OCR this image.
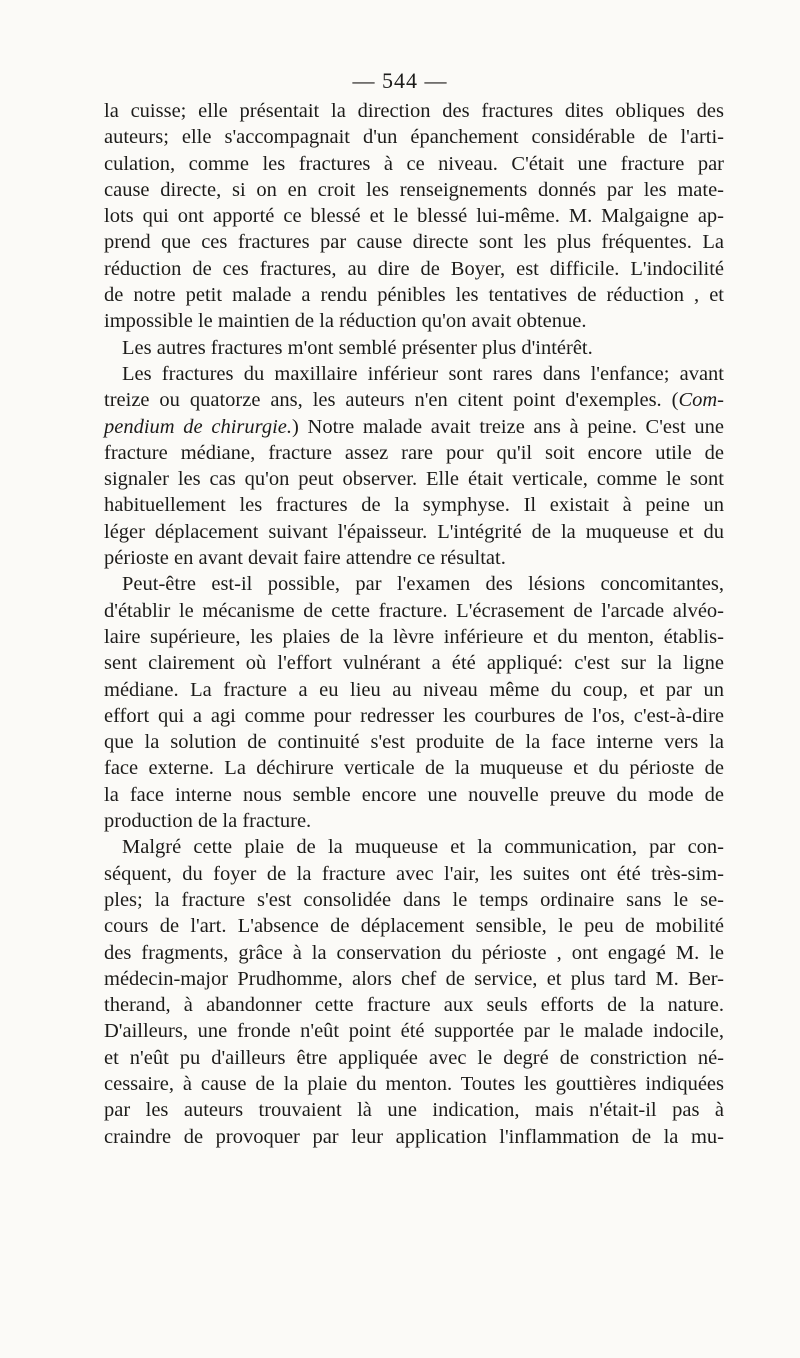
— 544 —
la cuisse; elle présentait la direction des fractures dites obliques des
auteurs; elle s'accompagnait d'un épanchement considérable de l'arti-
culation, comme les fractures à ce niveau. C'était une fracture par
cause directe, si on en croit les renseignements donnés par les mate-
lots qui ont apporté ce blessé et le blessé lui-même. M. Malgaigne ap-
prend que ces fractures par cause directe sont les plus fréquentes. La
réduction de ces fractures, au dire de Boyer, est difficile. L'indocilité
de notre petit malade a rendu pénibles les tentatives de réduction , et
impossible le maintien de la réduction qu'on avait obtenue.
Les autres fractures m'ont semblé présenter plus d'intérêt.
Les fractures du maxillaire inférieur sont rares dans l'enfance; avant
treize ou quatorze ans, les auteurs n'en citent point d'exemples. (Com-
pendium de chirurgie.) Notre malade avait treize ans à peine. C'est une
fracture médiane, fracture assez rare pour qu'il soit encore utile de
signaler les cas qu'on peut observer. Elle était verticale, comme le sont
habituellement les fractures de la symphyse. Il existait à peine un
léger déplacement suivant l'épaisseur. L'intégrité de la muqueuse et du
périoste en avant devait faire attendre ce résultat.
Peut-être est-il possible, par l'examen des lésions concomitantes,
d'établir le mécanisme de cette fracture. L'écrasement de l'arcade alvéo-
laire supérieure, les plaies de la lèvre inférieure et du menton, établis-
sent clairement où l'effort vulnérant a été appliqué: c'est sur la ligne
médiane. La fracture a eu lieu au niveau même du coup, et par un
effort qui a agi comme pour redresser les courbures de l'os, c'est-à-dire
que la solution de continuité s'est produite de la face interne vers la
face externe. La déchirure verticale de la muqueuse et du périoste de
la face interne nous semble encore une nouvelle preuve du mode de
production de la fracture.
Malgré cette plaie de la muqueuse et la communication, par con-
séquent, du foyer de la fracture avec l'air, les suites ont été très-sim-
ples; la fracture s'est consolidée dans le temps ordinaire sans le se-
cours de l'art. L'absence de déplacement sensible, le peu de mobilité
des fragments, grâce à la conservation du périoste , ont engagé M. le
médecin-major Prudhomme, alors chef de service, et plus tard M. Ber-
therand, à abandonner cette fracture aux seuls efforts de la nature.
D'ailleurs, une fronde n'eût point été supportée par le malade indocile,
et n'eût pu d'ailleurs être appliquée avec le degré de constriction né-
cessaire, à cause de la plaie du menton. Toutes les gouttières indiquées
par les auteurs trouvaient là une indication, mais n'était-il pas à
craindre de provoquer par leur application l'inflammation de la mu-
